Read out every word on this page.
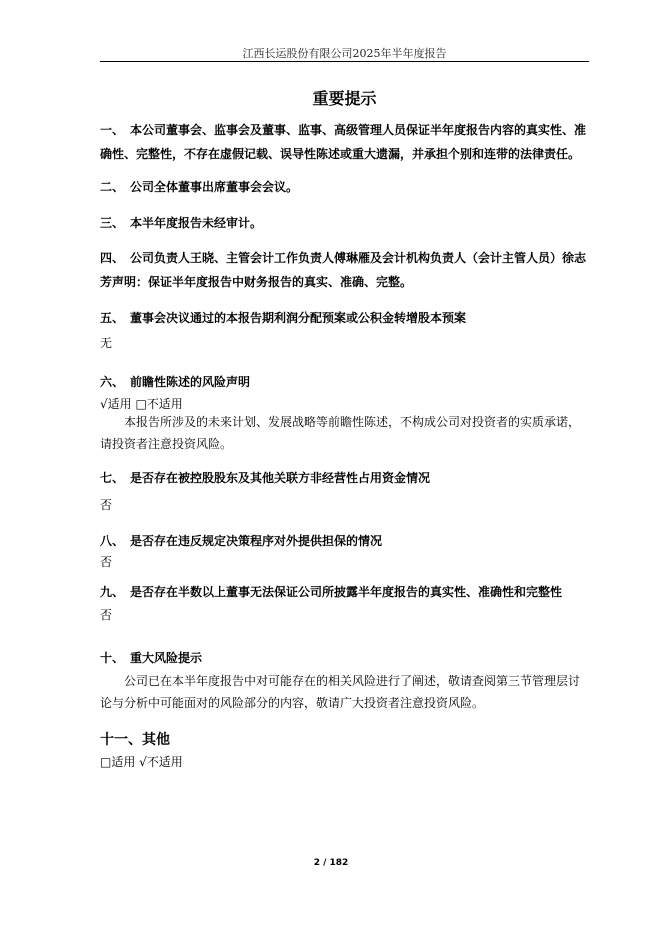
江西长运股份有限公司2025年半年度报告
重要提示
一、 本公司董事会、监事会及董事、监事、高级管理人员保证半年度报告内容的真实性、准确性、完整性，不存在虚假记载、误导性陈述或重大遗漏，并承担个别和连带的法律责任。
二、 公司全体董事出席董事会会议。
三、 本半年度报告未经审计。
四、 公司负责人王晓、主管会计工作负责人傅琳雁及会计机构负责人（会计主管人员）徐志芳声明：保证半年度报告中财务报告的真实、准确、完整。
五、 董事会决议通过的本报告期利润分配预案或公积金转增股本预案
无
六、 前瞻性陈述的风险声明
√适用 □不适用
本报告所涉及的未来计划、发展战略等前瞻性陈述，不构成公司对投资者的实质承诺，请投资者注意投资风险。
七、 是否存在被控股股东及其他关联方非经营性占用资金情况
否
八、 是否存在违反规定决策程序对外提供担保的情况
否
九、 是否存在半数以上董事无法保证公司所披露半年度报告的真实性、准确性和完整性
否
十、 重大风险提示
公司已在本半年度报告中对可能存在的相关风险进行了阐述，敬请查阅第三节管理层讨论与分析中可能面对的风险部分的内容，敬请广大投资者注意投资风险。
十一、其他
□适用 √不适用
2 / 182
